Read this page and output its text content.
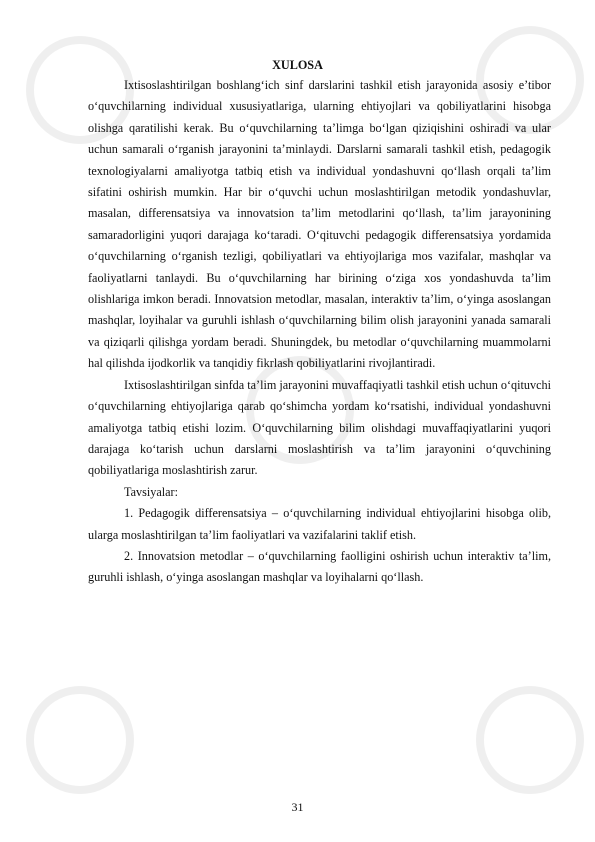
XULOSA

Ixtisoslashtirilgan boshlang‘ich sinf darslarini tashkil etish jarayonida asosiy e’tibor o‘quvchilarning individual xususiyatlariga, ularning ehtiyojlari va qobiliyatlarini hisobga olishga qaratilishi kerak. Bu o‘quvchilarning ta’limga bo‘lgan qiziqishini oshiradi va ular uchun samarali o‘rganish jarayonini ta’minlaydi. Darslarni samarali tashkil etish, pedagogik texnologiyalarni amaliyotga tatbiq etish va individual yondashuvni qo‘llash orqali ta’lim sifatini oshirish mumkin. Har bir o‘quvchi uchun moslashtirilgan metodik yondashuvlar, masalan, differensatsiya va innovatsion ta’lim metodlarini qo‘llash, ta’lim jarayonining samaradorligini yuqori darajaga ko‘taradi. O‘qituvchi pedagogik differensatsiya yordamida o‘quvchilarning o‘rganish tezligi, qobiliyatlari va ehtiyojlariga mos vazifalar, mashqlar va faoliyatlarni tanlaydi. Bu o‘quvchilarning har birining o‘ziga xos yondashuvda ta’lim olishlariga imkon beradi. Innovatsion metodlar, masalan, interaktiv ta’lim, o‘yinga asoslangan mashqlar, loyihalar va guruhli ishlash o‘quvchilarning bilim olish jarayonini yanada samarali va qiziqarli qilishga yordam beradi. Shuningdek, bu metodlar o‘quvchilarning muammolarni hal qilishda ijodkorlik va tanqidiy fikrlash qobiliyatlarini rivojlantiradi.

Ixtisoslashtirilgan sinfda ta’lim jarayonini muvaffaqiyatli tashkil etish uchun o‘qituvchi o‘quvchilarning ehtiyojlariga qarab qo‘shimcha yordam ko‘rsatishi, individual yondashuvni amaliyotga tatbiq etishi lozim. O‘quvchilarning bilim olishdagi muvaffaqiyatlarini yuqori darajaga ko‘tarish uchun darslarni moslashtirish va ta’lim jarayonini o‘quvchining qobiliyatlariga moslashtirish zarur.

Tavsiyalar:

1. Pedagogik differensatsiya – o‘quvchilarning individual ehtiyojlarini hisobga olib, ularga moslashtirilgan ta’lim faoliyatlari va vazifalarini taklif etish.

2. Innovatsion metodlar – o‘quvchilarning faolligini oshirish uchun interaktiv ta’lim, guruhli ishlash, o‘yinga asoslangan mashqlar va loyihalarni qo‘llash.

31
